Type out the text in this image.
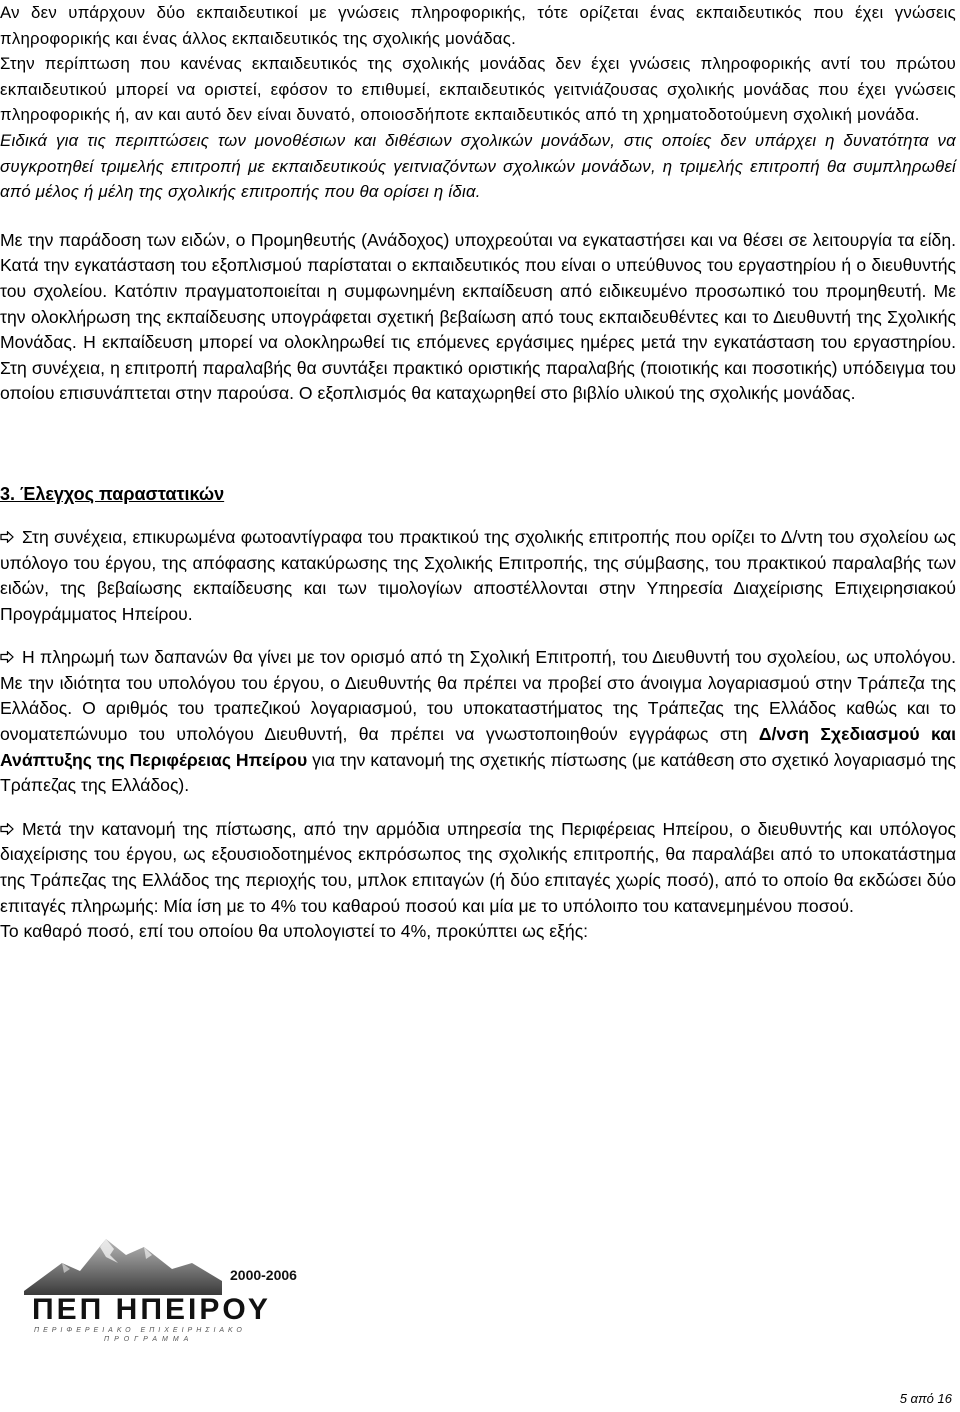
Αν δεν υπάρχουν δύο εκπαιδευτικοί με γνώσεις πληροφορικής, τότε ορίζεται ένας εκπαιδευτικός που έχει γνώσεις πληροφορικής και ένας άλλος εκπαιδευτικός της σχολικής μονάδας.

Στην περίπτωση που κανένας εκπαιδευτικός της σχολικής μονάδας δεν έχει γνώσεις πληροφορικής αντί του πρώτου εκπαιδευτικού μπορεί να οριστεί, εφόσον το επιθυμεί, εκπαιδευτικός γειτνιάζουσας σχολικής μονάδας που έχει γνώσεις πληροφορικής ή, αν και αυτό δεν είναι δυνατό, οποιοσδήποτε εκπαιδευτικός από τη χρηματοδοτούμενη σχολική μονάδα.

Ειδικά για τις περιπτώσεις των μονοθέσιων και διθέσιων σχολικών μονάδων, στις οποίες δεν υπάρχει η δυνατότητα να συγκροτηθεί τριμελής επιτροπή με εκπαιδευτικούς γειτνιαζόντων σχολικών μονάδων, η τριμελής επιτροπή θα συμπληρωθεί από μέλος ή μέλη της σχολικής επιτροπής που θα ορίσει η ίδια.

Με την παράδοση των ειδών, ο Προμηθευτής (Ανάδοχος) υποχρεούται να εγκαταστήσει και να θέσει σε λειτουργία τα είδη. Κατά την εγκατάσταση του εξοπλισμού παρίσταται ο εκπαιδευτικός που είναι ο υπεύθυνος του εργαστηρίου ή ο διευθυντής του σχολείου. Κατόπιν πραγματοποιείται η συμφωνημένη εκπαίδευση από ειδικευμένο προσωπικό του προμηθευτή. Με την ολοκλήρωση της εκπαίδευσης υπογράφεται σχετική βεβαίωση από τους εκπαιδευθέντες και το Διευθυντή της Σχολικής Μονάδας. Η εκπαίδευση μπορεί να ολοκληρωθεί τις επόμενες εργάσιμες ημέρες μετά την εγκατάσταση του εργαστηρίου. Στη συνέχεια, η επιτροπή παραλαβής θα συντάξει πρακτικό οριστικής παραλαβής (ποιοτικής και ποσοτικής) υπόδειγμα του οποίου επισυνάπτεται στην παρούσα. Ο εξοπλισμός θα καταχωρηθεί στο βιβλίο υλικού της σχολικής μονάδας.

3. Έλεγχος παραστατικών

Στη συνέχεια, επικυρωμένα φωτοαντίγραφα του πρακτικού της σχολικής επιτροπής που ορίζει το Δ/ντη του σχολείου ως υπόλογο του έργου, της απόφασης κατακύρωσης της Σχολικής Επιτροπής, της σύμβασης, του πρακτικού παραλαβής των ειδών, της βεβαίωσης εκπαίδευσης και των τιμολογίων αποστέλλονται στην Υπηρεσία Διαχείρισης Επιχειρησιακού Προγράμματος Ηπείρου.

Η πληρωμή των δαπανών θα γίνει με τον ορισμό από τη Σχολική Επιτροπή, του Διευθυντή του σχολείου, ως υπολόγου. Με την ιδιότητα του υπολόγου του έργου, ο Διευθυντής θα πρέπει να προβεί στο άνοιγμα λογαριασμού στην Τράπεζα της Ελλάδος. Ο αριθμός του τραπεζικού λογαριασμού, του υποκαταστήματος της Τράπεζας της Ελλάδος καθώς και το ονοματεπώνυμο του υπολόγου Διευθυντή, θα πρέπει να γνωστοποιηθούν εγγράφως στη Δ/νση Σχεδιασμού και Ανάπτυξης της Περιφέρειας Ηπείρου για την κατανομή της σχετικής πίστωσης (με κατάθεση στο σχετικό λογαριασμό της Τράπεζας της Ελλάδος).

Μετά την κατανομή της πίστωσης, από την αρμόδια υπηρεσία της Περιφέρειας Ηπείρου, ο διευθυντής και υπόλογος διαχείρισης του έργου, ως εξουσιοδοτημένος εκπρόσωπος της σχολικής επιτροπής, θα παραλάβει από το υποκατάστημα της Τράπεζας της Ελλάδος της περιοχής του, μπλοκ επιταγών (ή δύο επιταγές χωρίς ποσό), από το οποίο θα εκδώσει δύο επιταγές πληρωμής: Μία ίση με το 4% του καθαρού ποσού και μία με το υπόλοιπο του κατανεμημένου ποσού.

Το καθαρό ποσό, επί του οποίου θα υπολογιστεί το 4%, προκύπτει ως εξής:

2000-2006
ΠΕΠ ΗΠΕΙΡΟΥ
ΠΕΡΙΦΕΡΕΙΑΚΟ ΕΠΙΧΕΙΡΗΣΙΑΚΟ
ΠΡΟΓΡΑΜΜΑ
5 από 16
